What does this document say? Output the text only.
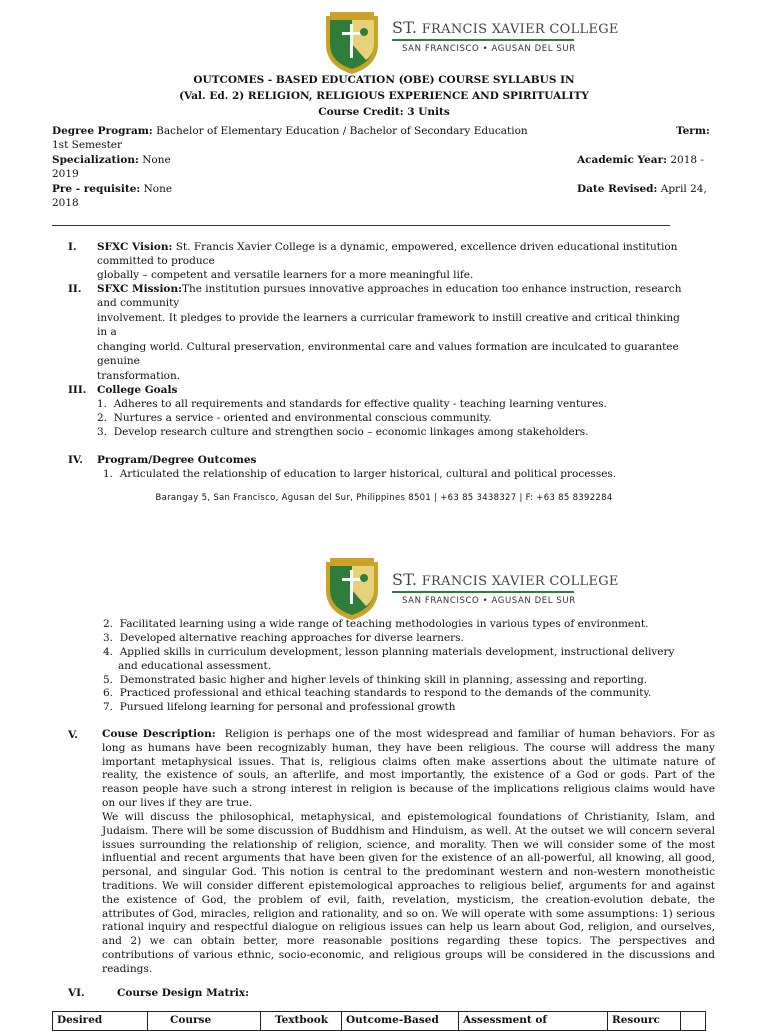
ST. FRANCIS XAVIER COLLEGE
SAN FRANCISCO • AGUSAN DEL SUR
OUTCOMES - BASED EDUCATION (OBE) COURSE SYLLABUS IN
(Val. Ed. 2) RELIGION, RELIGIOUS EXPERIENCE AND SPIRITUALITY
Course Credit: 3 Units
Degree Program: Bachelor of Elementary Education / Bachelor of Secondary Education	Term:
1st Semester
Specialization: None	Academic Year: 2018 -
2019
Pre - requisite: None	Date Revised: April 24,
2018
I. SFXC Vision: St. Francis Xavier College is a dynamic, empowered, excellence driven educational institution
committed to produce
globally – competent and versatile learners for a more meaningful life.
II. SFXC Mission:The institution pursues innovative approaches in education too enhance instruction, research
and community
involvement. It pledges to provide the learners a curricular framework to instill creative and critical thinking
in a
changing world. Cultural preservation, environmental care and values formation are inculcated to guarantee
genuine
transformation.
III. College Goals
1. Adheres to all requirements and standards for effective quality - teaching learning ventures.
2. Nurtures a service - oriented and environmental conscious community.
3. Develop research culture and strengthen socio – economic linkages among stakeholders.
IV. Program/Degree Outcomes
1. Articulated the relationship of education to larger historical, cultural and political processes.
Barangay 5, San Francisco, Agusan del Sur, Philippines 8501 | +63 85 3438327 | F: +63 85 8392284
ST. FRANCIS XAVIER COLLEGE
SAN FRANCISCO • AGUSAN DEL SUR
2. Facilitated learning using a wide range of teaching methodologies in various types of environment.
3. Developed alternative reaching approaches for diverse learners.
4. Applied skills in curriculum development, lesson planning materials development, instructional delivery
and educational assessment.
5. Demonstrated basic higher and higher levels of thinking skill in planning, assessing and reporting.
6. Practiced professional and ethical teaching standards to respond to the demands of the community.
7. Pursued lifelong learning for personal and professional growth
V. Couse Description: Religion is perhaps one of the most widespread and familiar of human behaviors. For as long as humans have been recognizably human, they have been religious. The course will address the many important metaphysical issues. That is, religious claims often make assertions about the ultimate nature of reality, the existence of souls, an afterlife, and most importantly, the existence of a God or gods. Part of the reason people have such a strong interest in religion is because of the implications religious claims would have on our lives if they are true.
We will discuss the philosophical, metaphysical, and epistemological foundations of Christianity, Islam, and Judaism. There will be some discussion of Buddhism and Hinduism, as well. At the outset we will concern several issues surrounding the relationship of religion, science, and morality. Then we will consider some of the most influential and recent arguments that have been given for the existence of an all-powerful, all knowing, all good, personal, and singular God. This notion is central to the predominant western and non-western monotheistic traditions. We will consider different epistemological approaches to religious belief, arguments for and against the existence of God, the problem of evil, faith, revelation, mysticism, the creation-evolution debate, the attributes of God, miracles, religion and rationality, and so on. We will operate with some assumptions: 1) serious rational inquiry and respectful dialogue on religious issues can help us learn about God, religion, and ourselves, and 2) we can obtain better, more reasonable positions regarding these topics. The perspectives and contributions of various ethnic, socio-economic, and religious groups will be considered in the discussions and readings.
VI.	Course Design Matrix:
Desired	Course	Textbook	Outcome-Based	Assessment of	Resourc	
